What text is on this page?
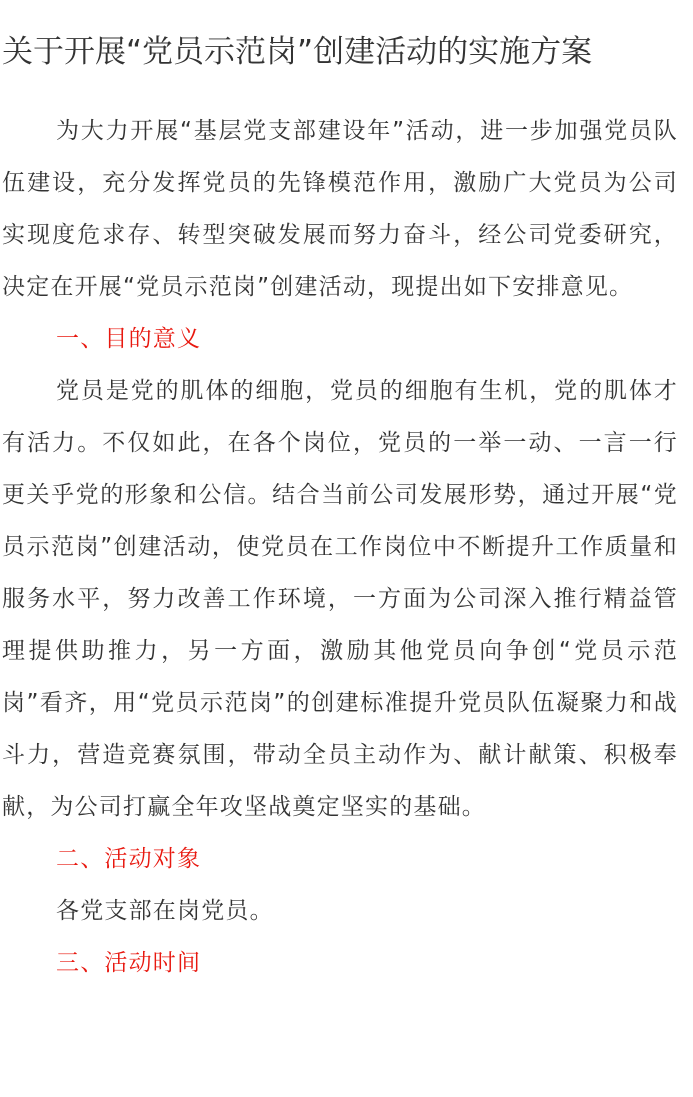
关于开展“党员示范岗”创建活动的实施方案

为大力开展“基层党支部建设年”活动，进一步加强党员队伍建设，充分发挥党员的先锋模范作用，激励广大党员为公司实现度危求存、转型突破发展而努力奋斗，经公司党委研究，决定在开展“党员示范岗”创建活动，现提出如下安排意见。

一、目的意义

党员是党的肌体的细胞，党员的细胞有生机，党的肌体才有活力。不仅如此，在各个岗位，党员的一举一动、一言一行更关乎党的形象和公信。结合当前公司发展形势，通过开展“党员示范岗”创建活动，使党员在工作岗位中不断提升工作质量和服务水平，努力改善工作环境，一方面为公司深入推行精益管理提供助推力，另一方面，激励其他党员向争创“党员示范岗”看齐，用“党员示范岗”的创建标准提升党员队伍凝聚力和战斗力，营造竞赛氛围，带动全员主动作为、献计献策、积极奉献，为公司打赢全年攻坚战奠定坚实的基础。

二、活动对象

各党支部在岗党员。

三、活动时间
